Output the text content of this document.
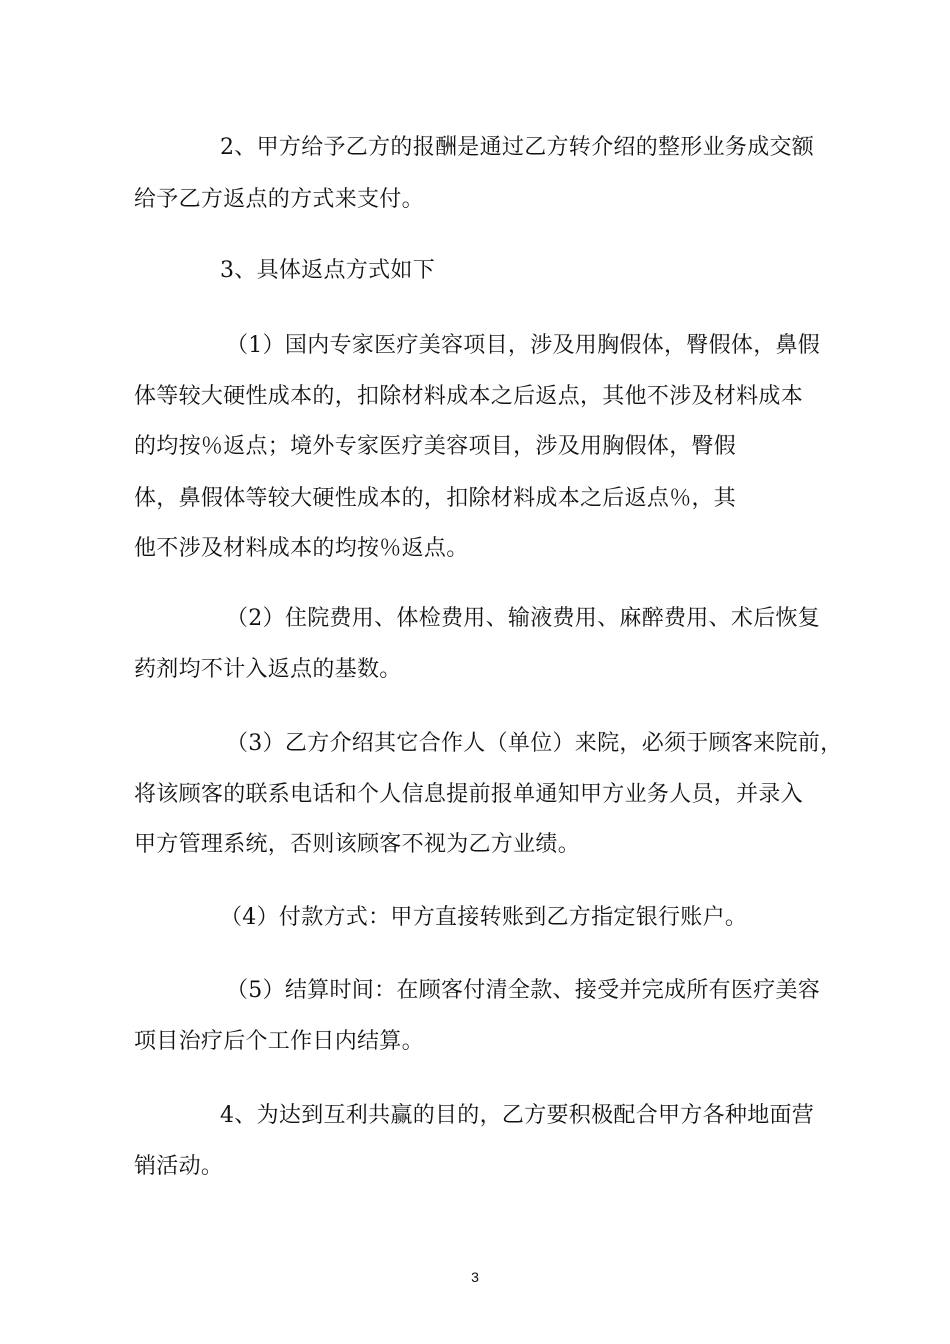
2、甲方给予乙方的报酬是通过乙方转介绍的整形业务成交额
给予乙方返点的方式来支付。
3、具体返点方式如下
（1）国内专家医疗美容项目，涉及用胸假体，臀假体，鼻假
体等较大硬性成本的，扣除材料成本之后返点，其他不涉及材料成本
的均按％返点；境外专家医疗美容项目，涉及用胸假体，臀假
体，鼻假体等较大硬性成本的，扣除材料成本之后返点％，其
他不涉及材料成本的均按％返点。
（2）住院费用、体检费用、输液费用、麻醉费用、术后恢复
药剂均不计入返点的基数。
（3）乙方介绍其它合作人（单位）来院，必须于顾客来院前，
将该顾客的联系电话和个人信息提前报单通知甲方业务人员，并录入
甲方管理系统，否则该顾客不视为乙方业绩。
（4）付款方式：甲方直接转账到乙方指定银行账户。
（5）结算时间：在顾客付清全款、接受并完成所有医疗美容
项目治疗后个工作日内结算。
4、为达到互利共赢的目的，乙方要积极配合甲方各种地面营
销活动。
3
